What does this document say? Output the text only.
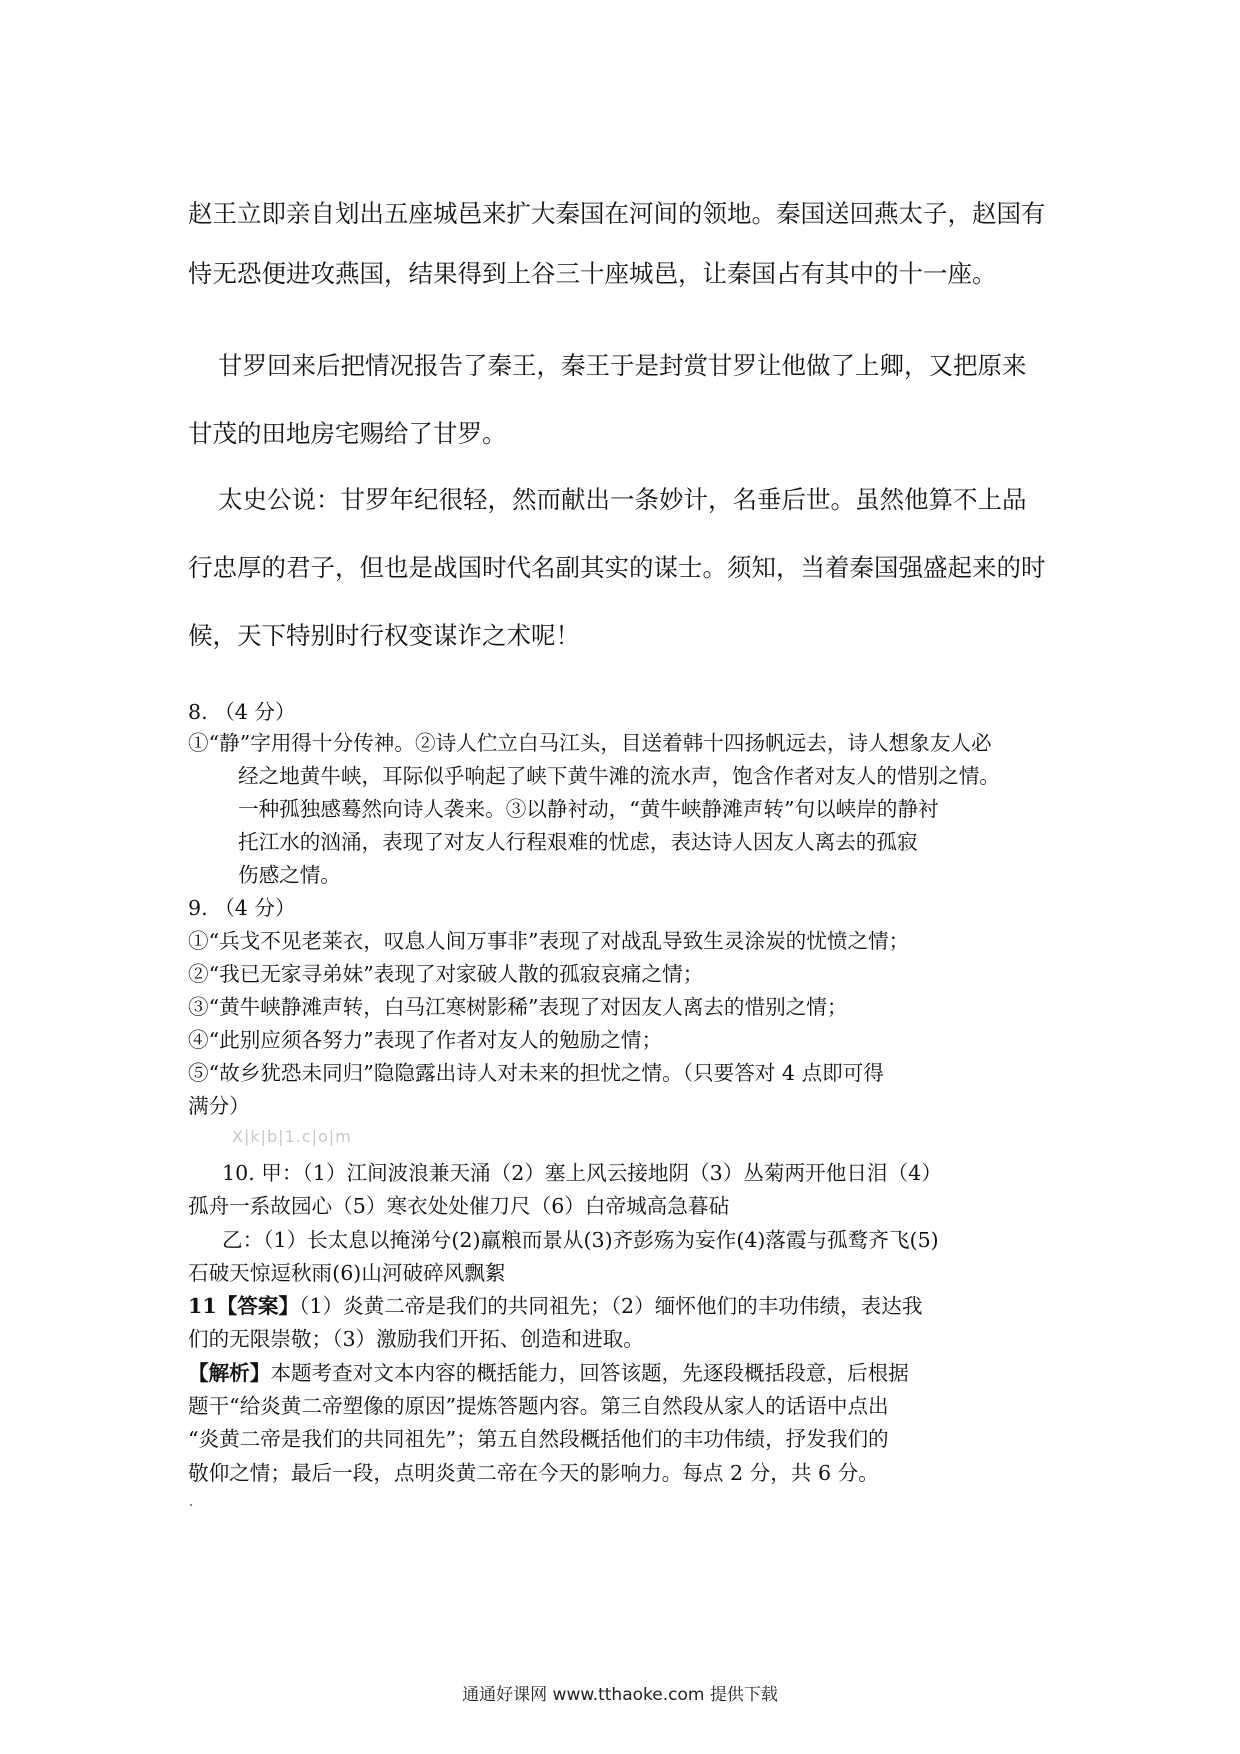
赵王立即亲自划出五座城邑来扩大秦国在河间的领地。秦国送回燕太子，赵国有
恃无恐便进攻燕国，结果得到上谷三十座城邑，让秦国占有其中的十一座。
甘罗回来后把情况报告了秦王，秦王于是封赏甘罗让他做了上卿，又把原来
甘茂的田地房宅赐给了甘罗。
太史公说：甘罗年纪很轻，然而献出一条妙计，名垂后世。虽然他算不上品
行忠厚的君子，但也是战国时代名副其实的谋士。须知，当着秦国强盛起来的时
候，天下特别时行权变谋诈之术呢！
8. （4 分）
①“静”字用得十分传神。②诗人伫立白马江头，目送着韩十四扬帆远去，诗人想象友人必
经之地黄牛峡，耳际似乎响起了峡下黄牛滩的流水声，饱含作者对友人的惜别之情。
一种孤独感蓦然向诗人袭来。③以静衬动，“黄牛峡静滩声转”句以峡岸的静衬
托江水的汹涌，表现了对友人行程艰难的忧虑，表达诗人因友人离去的孤寂
伤感之情。
9. （4 分）
①“兵戈不见老莱衣，叹息人间万事非”表现了对战乱导致生灵涂炭的忧愤之情；
②“我已无家寻弟妹”表现了对家破人散的孤寂哀痛之情；
③“黄牛峡静滩声转，白马江寒树影稀”表现了对因友人离去的惜别之情；
④“此别应须各努力”表现了作者对友人的勉励之情；
⑤“故乡犹恐未同归”隐隐露出诗人对未来的担忧之情。（只要答对 4 点即可得
满分）
X|k|b|1.c|o|m
10. 甲：（1）江间波浪兼天涌（2）塞上风云接地阴（3）丛菊两开他日泪（4）
孤舟一系故园心（5）寒衣处处催刀尺（6）白帝城高急暮砧
乙：（1）长太息以掩涕兮(2)羸粮而景从(3)齐彭殇为妄作(4)落霞与孤鹜齐飞(5)
石破天惊逗秋雨(6)山河破碎风飘絮
11【答案】（1）炎黄二帝是我们的共同祖先；（2）缅怀他们的丰功伟绩，表达我
们的无限崇敬；（3）激励我们开拓、创造和进取。
【解析】本题考查对文本内容的概括能力，回答该题，先逐段概括段意，后根据
题干“给炎黄二帝塑像的原因”提炼答题内容。第三自然段从家人的话语中点出
“炎黄二帝是我们的共同祖先”；第五自然段概括他们的丰功伟绩，抒发我们的
敬仰之情；最后一段，点明炎黄二帝在今天的影响力。每点 2 分，共 6 分。
通通好课网 www.tthaoke.com 提供下载
